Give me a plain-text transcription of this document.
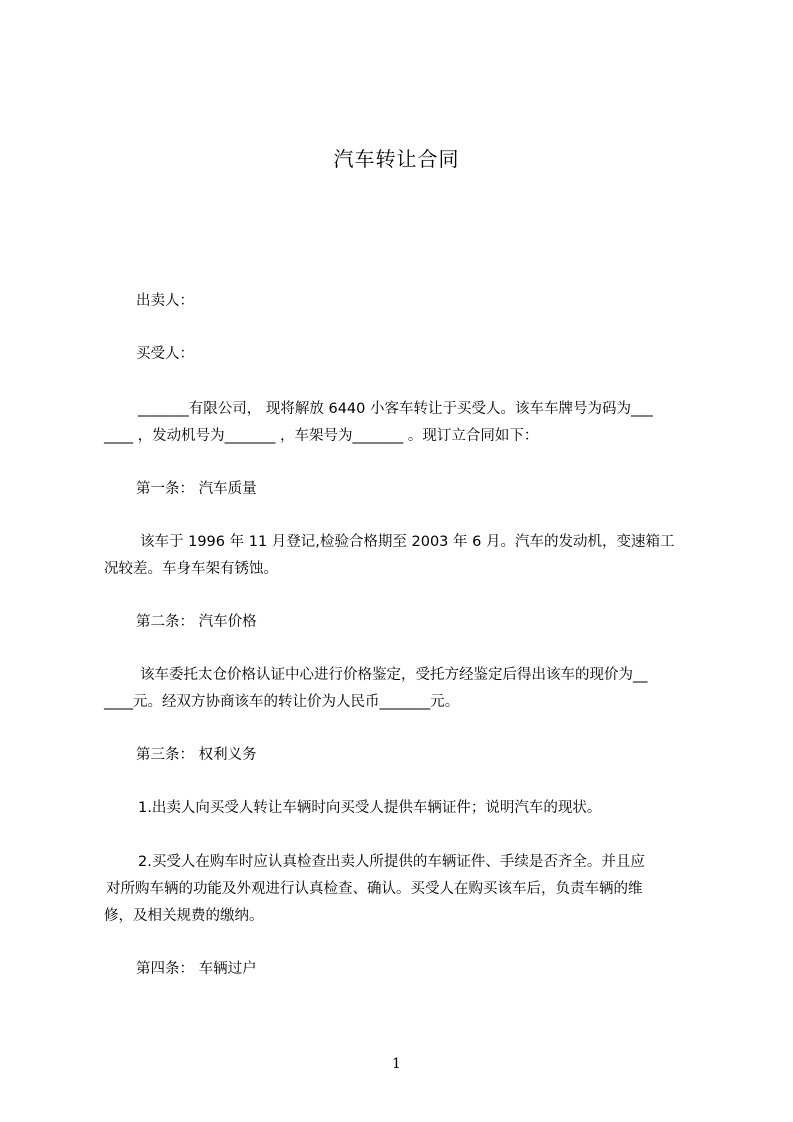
汽车转让合同
出卖人：
买受人：
_______有限公司， 现将解放 6440 小客车转让于买受人。该车车牌号为码为___
____ ，发动机号为_______ ，车架号为_______ 。现订立合同如下：
第一条： 汽车质量
该车于 1996 年 11 月登记,检验合格期至 2003 年 6 月。汽车的发动机，变速箱工
况较差。车身车架有锈蚀。
第二条： 汽车价格
该车委托太仓价格认证中心进行价格鉴定，受托方经鉴定后得出该车的现价为__
____元。经双方协商该车的转让价为人民币_______元。
第三条： 权利义务
1.出卖人向买受人转让车辆时向买受人提供车辆证件；说明汽车的现状。
2.买受人在购车时应认真检查出卖人所提供的车辆证件、手续是否齐全。并且应
对所购车辆的功能及外观进行认真检查、确认。买受人在购买该车后，负责车辆的维
修，及相关规费的缴纳。
第四条： 车辆过户
1
